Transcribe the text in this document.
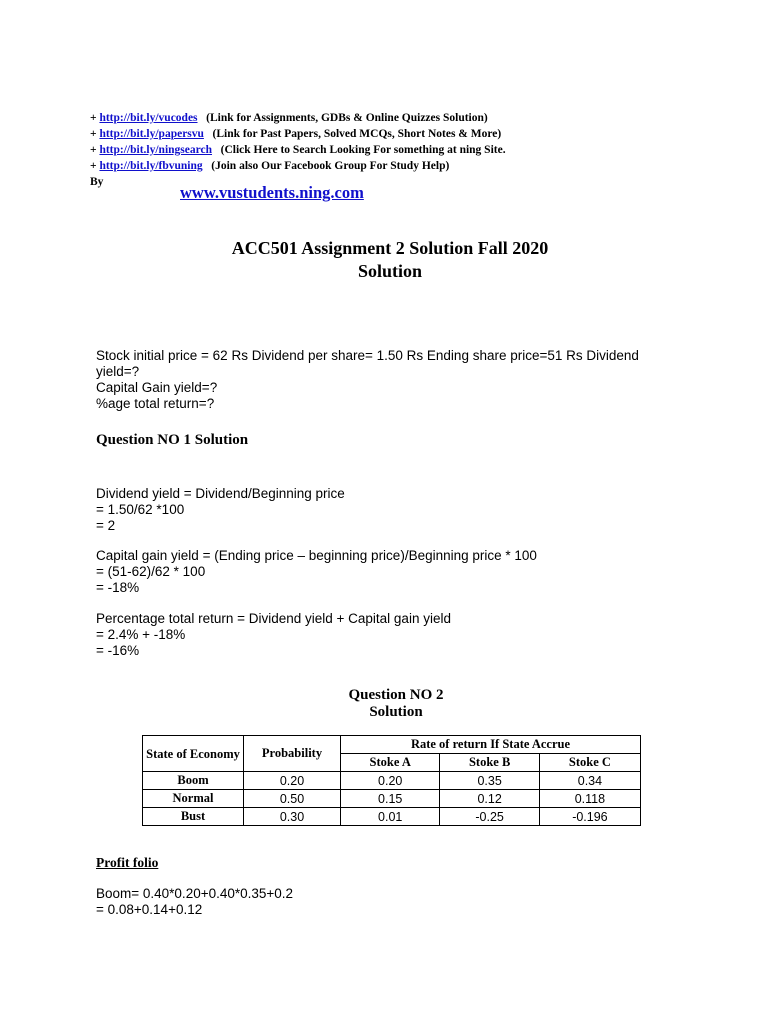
+ http://bit.ly/vucodes (Link for Assignments, GDBs & Online Quizzes Solution)
+ http://bit.ly/papersvu (Link for Past Papers, Solved MCQs, Short Notes & More)
+ http://bit.ly/ningsearch (Click Here to Search Looking For something at ning Site.
+ http://bit.ly/fbvuning (Join also Our Facebook Group For Study Help)
By
www.vustudents.ning.com
ACC501 Assignment 2 Solution Fall 2020
Solution
Stock initial price = 62 Rs Dividend per share= 1.50 Rs Ending share price=51 Rs Dividend
yield=?
Capital Gain yield=?
%age total return=?
Question NO 1 Solution
Dividend yield = Dividend/Beginning price
= 1.50/62 *100
= 2
Capital gain yield = (Ending price – beginning price)/Beginning price * 100
= (51-62)/62 * 100
= -18%
Percentage total return = Dividend yield + Capital gain yield
= 2.4% + -18%
= -16%
Question NO 2
Solution
State of Economy	Probability	Rate of return If State Accrue		
		Stoke A	Stoke B	Stoke C
Boom	0.20	0.20	0.35	0.34
Normal	0.50	0.15	0.12	0.118
Bust	0.30	0.01	-0.25	-0.196
Profit folio
Boom= 0.40*0.20+0.40*0.35+0.2
= 0.08+0.14+0.12
